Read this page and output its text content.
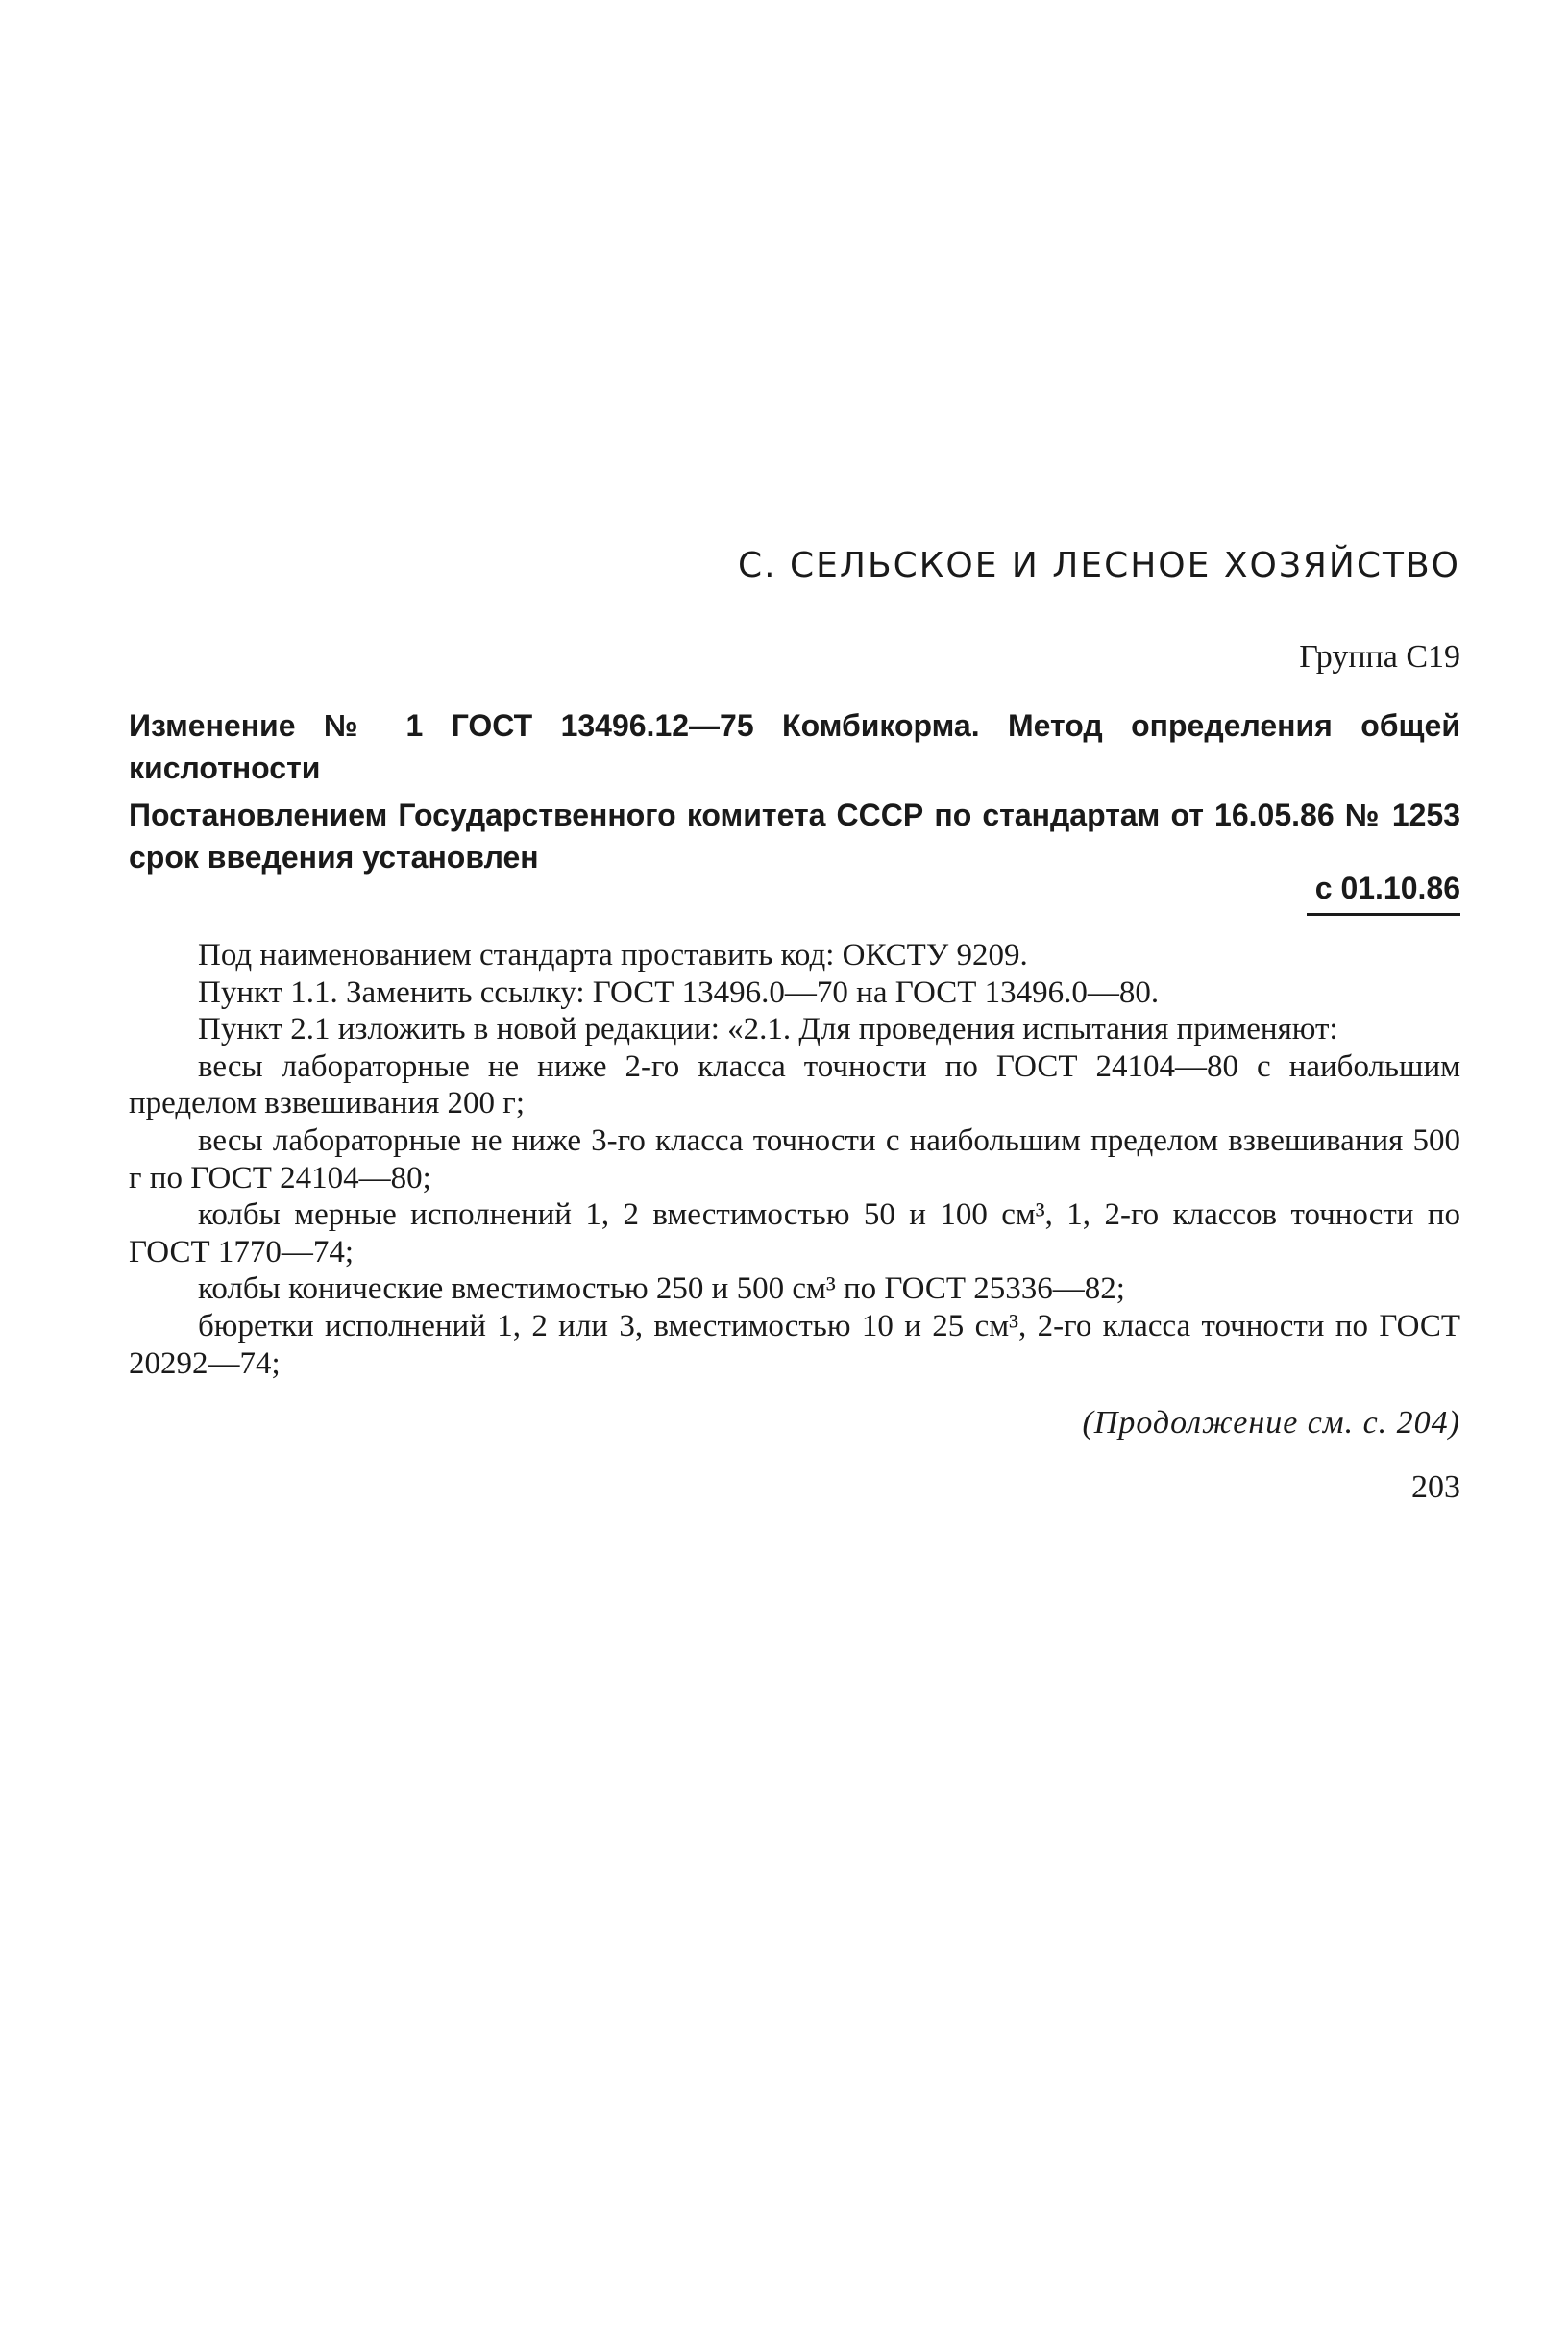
С. СЕЛЬСКОЕ И ЛЕСНОЕ ХОЗЯЙСТВО
Группа С19
Изменение № 1 ГОСТ 13496.12—75 Комбикорма. Метод определения общей кислотности
Постановлением Государственного комитета СССР по стандартам от 16.05.86 № 1253 срок введения установлен
с 01.10.86

Под наименованием стандарта проставить код: ОКСТУ 9209.

Пункт 1.1. Заменить ссылку: ГОСТ 13496.0—70 на ГОСТ 13496.0—80.

Пункт 2.1 изложить в новой редакции: «2.1. Для проведения испытания применяют:

весы лабораторные не ниже 2-го класса точности по ГОСТ 24104—80 с наибольшим пределом взвешивания 200 г;

весы лабораторные не ниже 3-го класса точности с наибольшим пределом взвешивания 500 г по ГОСТ 24104—80;

колбы мерные исполнений 1, 2 вместимостью 50 и 100 см³, 1, 2-го классов точности по ГОСТ 1770—74;

колбы конические вместимостью 250 и 500 см³ по ГОСТ 25336—82;

бюретки исполнений 1, 2 или 3, вместимостью 10 и 25 см³, 2-го класса точности по ГОСТ 20292—74;

(Продолжение см. с. 204)
203
